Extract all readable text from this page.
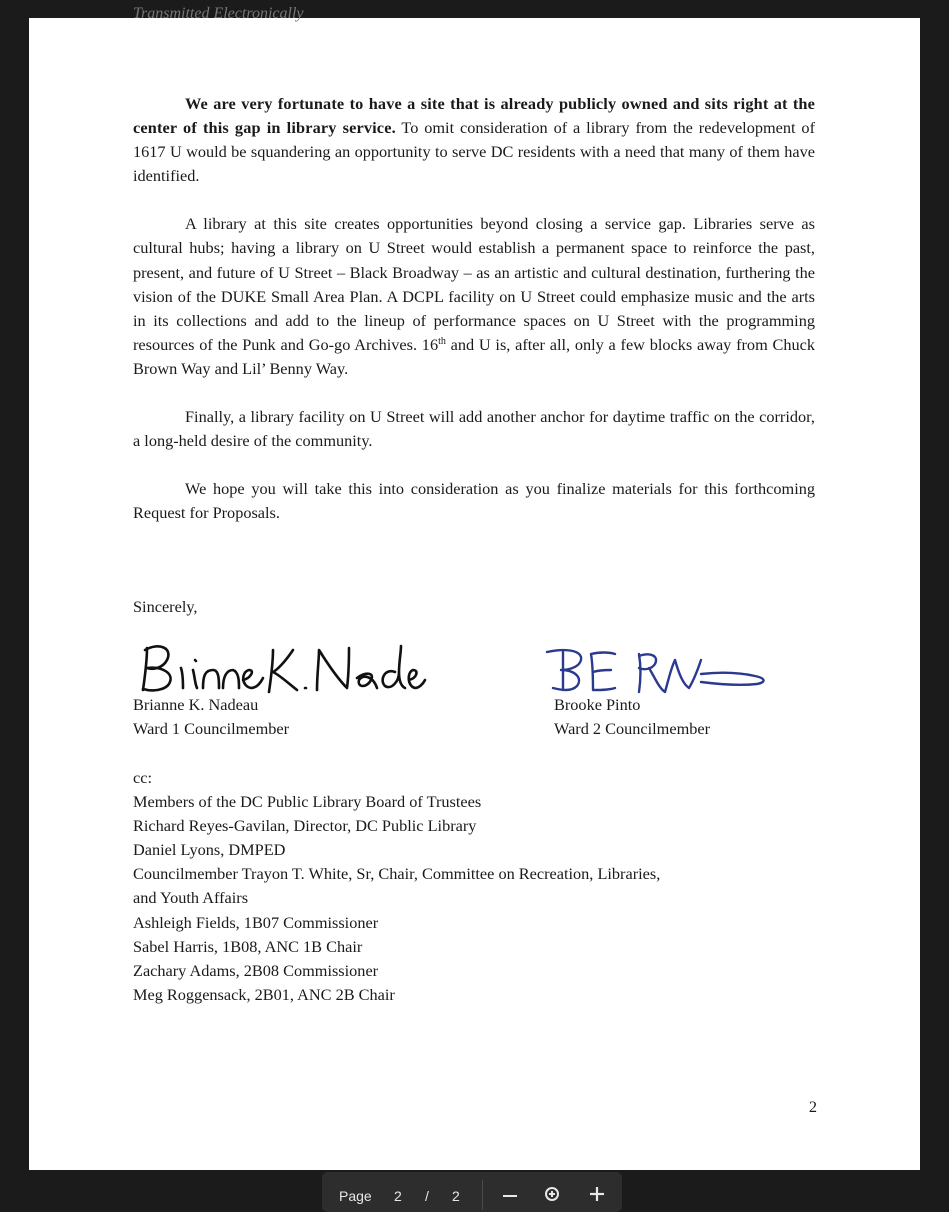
Transmitted Electronically

We are very fortunate to have a site that is already publicly owned and sits right at the center of this gap in library service. To omit consideration of a library from the redevelopment of 1617 U would be squandering an opportunity to serve DC residents with a need that many of them have identified.

A library at this site creates opportunities beyond closing a service gap. Libraries serve as cultural hubs; having a library on U Street would establish a permanent space to reinforce the past, present, and future of U Street – Black Broadway – as an artistic and cultural destination, furthering the vision of the DUKE Small Area Plan. A DCPL facility on U Street could emphasize music and the arts in its collections and add to the lineup of performance spaces on U Street with the programming resources of the Punk and Go-go Archives. 16th and U is, after all, only a few blocks away from Chuck Brown Way and Lil’ Benny Way.

Finally, a library facility on U Street will add another anchor for daytime traffic on the corridor, a long-held desire of the community.

We hope you will take this into consideration as you finalize materials for this forthcoming Request for Proposals.

Sincerely,
Brianne K. Nadeau
Ward 1 Councilmember
Brooke Pinto
Ward 2 Councilmember
cc:
Members of the DC Public Library Board of Trustees
Richard Reyes-Gavilan, Director, DC Public Library
Daniel Lyons, DMPED
Councilmember Trayon T. White, Sr, Chair, Committee on Recreation, Libraries,
and Youth Affairs
Ashleigh Fields, 1B07 Commissioner
Sabel Harris, 1B08, ANC 1B Chair
Zachary Adams, 2B08 Commissioner
Meg Roggensack, 2B01, ANC 2B Chair
2
Page 2 / 2
